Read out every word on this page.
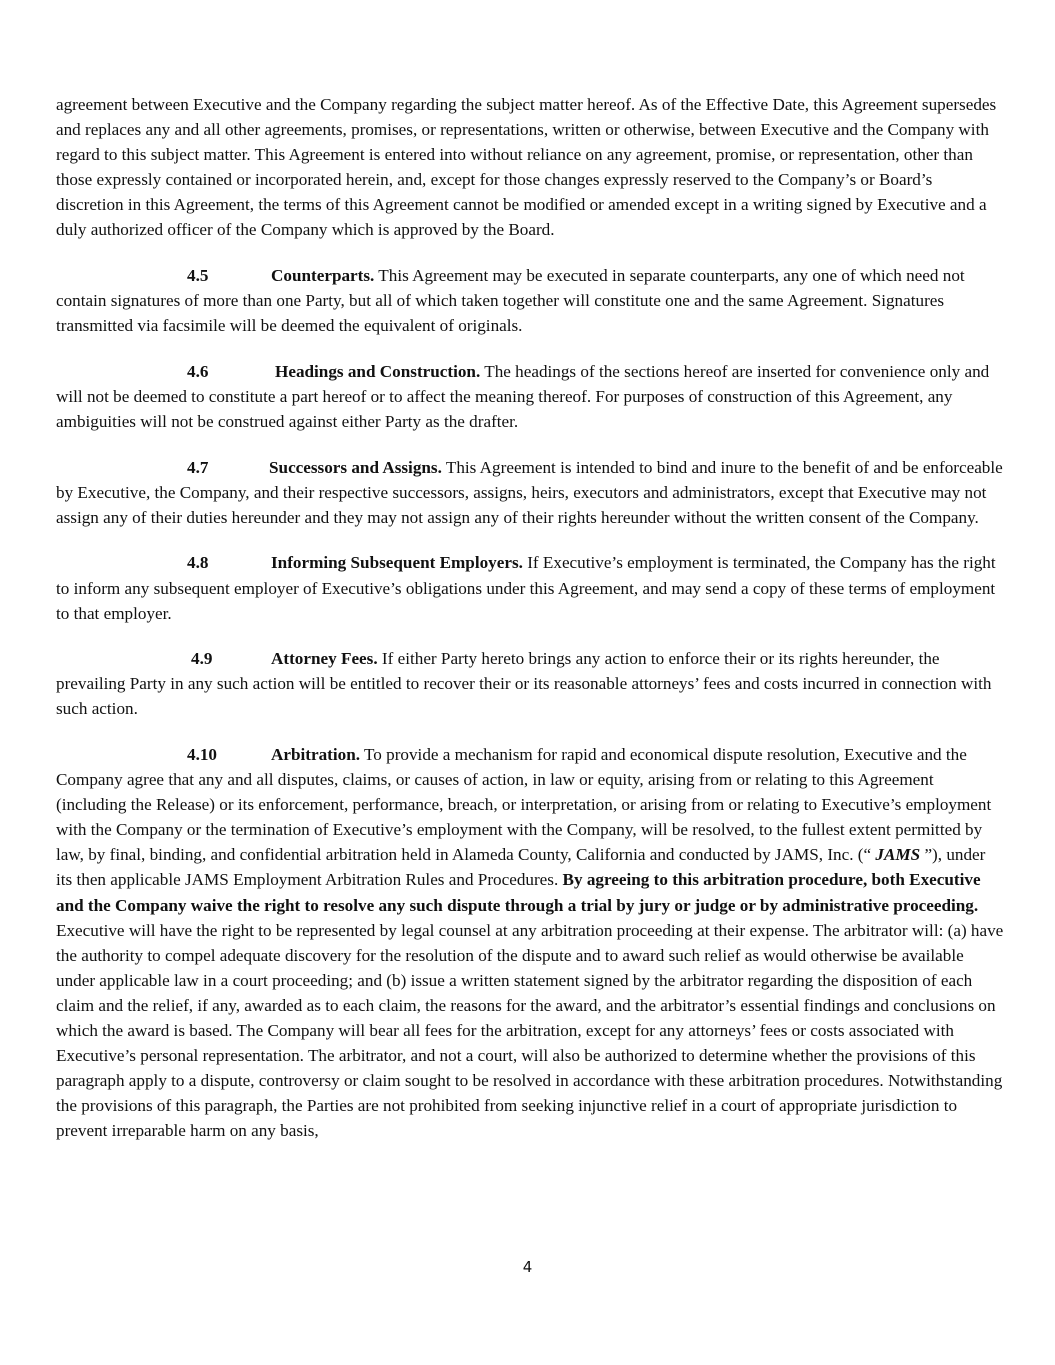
agreement between Executive and the Company regarding the subject matter hereof. As of the Effective Date, this Agreement supersedes and replaces any and all other agreements, promises, or representations, written or otherwise, between Executive and the Company with regard to this subject matter. This Agreement is entered into without reliance on any agreement, promise, or representation, other than those expressly contained or incorporated herein, and, except for those changes expressly reserved to the Company’s or Board’s discretion in this Agreement, the terms of this Agreement cannot be modified or amended except in a writing signed by Executive and a duly authorized officer of the Company which is approved by the Board.

4.5	Counterparts. This Agreement may be executed in separate counterparts, any one of which need not contain signatures of more than one Party, but all of which taken together will constitute one and the same Agreement. Signatures transmitted via facsimile will be deemed the equivalent of originals.

4.6	Headings and Construction. The headings of the sections hereof are inserted for convenience only and will not be deemed to constitute a part hereof or to affect the meaning thereof. For purposes of construction of this Agreement, any ambiguities will not be construed against either Party as the drafter.

4.7	Successors and Assigns. This Agreement is intended to bind and inure to the benefit of and be enforceable by Executive, the Company, and their respective successors, assigns, heirs, executors and administrators, except that Executive may not assign any of their duties hereunder and they may not assign any of their rights hereunder without the written consent of the Company.

4.8	Informing Subsequent Employers. If Executive’s employment is terminated, the Company has the right to inform any subsequent employer of Executive’s obligations under this Agreement, and may send a copy of these terms of employment to that employer.

4.9	Attorney Fees. If either Party hereto brings any action to enforce their or its rights hereunder, the prevailing Party in any such action will be entitled to recover their or its reasonable attorneys’ fees and costs incurred in connection with such action.

4.10	Arbitration. To provide a mechanism for rapid and economical dispute resolution, Executive and the Company agree that any and all disputes, claims, or causes of action, in law or equity, arising from or relating to this Agreement (including the Release) or its enforcement, performance, breach, or interpretation, or arising from or relating to Executive’s employment with the Company or the termination of Executive’s employment with the Company, will be resolved, to the fullest extent permitted by law, by final, binding, and confidential arbitration held in Alameda County, California and conducted by JAMS, Inc. (“ JAMS ”), under its then applicable JAMS Employment Arbitration Rules and Procedures. By agreeing to this arbitration procedure, both Executive and the Company waive the right to resolve any such dispute through a trial by jury or judge or by administrative proceeding. Executive will have the right to be represented by legal counsel at any arbitration proceeding at their expense. The arbitrator will: (a) have the authority to compel adequate discovery for the resolution of the dispute and to award such relief as would otherwise be available under applicable law in a court proceeding; and (b) issue a written statement signed by the arbitrator regarding the disposition of each claim and the relief, if any, awarded as to each claim, the reasons for the award, and the arbitrator’s essential findings and conclusions on which the award is based. The Company will bear all fees for the arbitration, except for any attorneys’ fees or costs associated with Executive’s personal representation. The arbitrator, and not a court, will also be authorized to determine whether the provisions of this paragraph apply to a dispute, controversy or claim sought to be resolved in accordance with these arbitration procedures. Notwithstanding the provisions of this paragraph, the Parties are not prohibited from seeking injunctive relief in a court of appropriate jurisdiction to prevent irreparable harm on any basis,

4
